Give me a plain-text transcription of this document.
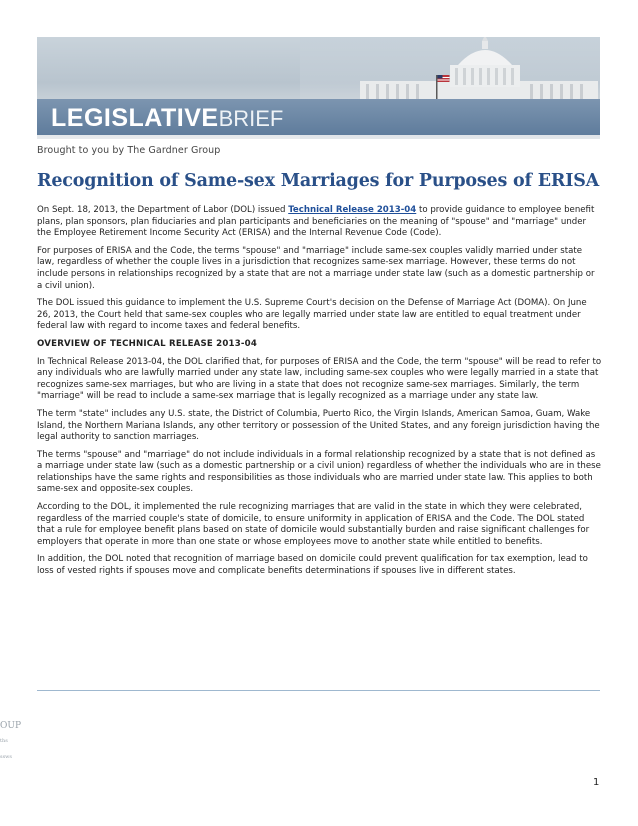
LEGISLATIVEBRIEF
Brought to you by The Gardner Group
Recognition of Same-sex Marriages for Purposes of ERISA

On Sept. 18, 2013, the Department of Labor (DOL) issued Technical Release 2013-04 to provide guidance to employee benefit plans, plan sponsors, plan fiduciaries and plan participants and beneficiaries on the meaning of "spouse" and "marriage" under the Employee Retirement Income Security Act (ERISA) and the Internal Revenue Code (Code).

For purposes of ERISA and the Code, the terms "spouse" and "marriage" include same-sex couples validly married under state law, regardless of whether the couple lives in a jurisdiction that recognizes same-sex marriage. However, these terms do not include persons in relationships recognized by a state that are not a marriage under state law (such as a domestic partnership or a civil union).

The DOL issued this guidance to implement the U.S. Supreme Court's decision on the Defense of Marriage Act (DOMA). On June 26, 2013, the Court held that same-sex couples who are legally married under state law are entitled to equal treatment under federal law with regard to income taxes and federal benefits.

OVERVIEW OF TECHNICAL RELEASE 2013-04

In Technical Release 2013-04, the DOL clarified that, for purposes of ERISA and the Code, the term "spouse" will be read to refer to any individuals who are lawfully married under any state law, including same-sex couples who were legally married in a state that recognizes same-sex marriages, but who are living in a state that does not recognize same-sex marriages. Similarly, the term "marriage" will be read to include a same-sex marriage that is legally recognized as a marriage under any state law.

The term "state" includes any U.S. state, the District of Columbia, Puerto Rico, the Virgin Islands, American Samoa, Guam, Wake Island, the Northern Mariana Islands, any other territory or possession of the United States, and any foreign jurisdiction having the legal authority to sanction marriages.

The terms "spouse" and "marriage" do not include individuals in a formal relationship recognized by a state that is not defined as a marriage under state law (such as a domestic partnership or a civil union) regardless of whether the individuals who are in these relationships have the same rights and responsibilities as those individuals who are married under state law. This applies to both same-sex and opposite-sex couples.

According to the DOL, it implemented the rule recognizing marriages that are valid in the state in which they were celebrated, regardless of the married couple's state of domicile, to ensure uniformity in application of ERISA and the Code. The DOL stated that a rule for employee benefit plans based on state of domicile would substantially burden and raise significant challenges for employers that operate in more than one state or whose employees move to another state while entitled to benefits.

In addition, the DOL noted that recognition of marriage based on domicile could prevent qualification for tax exemption, lead to loss of vested rights if spouses move and complicate benefits determinations if spouses live in different states.

OUP
ths
ssws
1
